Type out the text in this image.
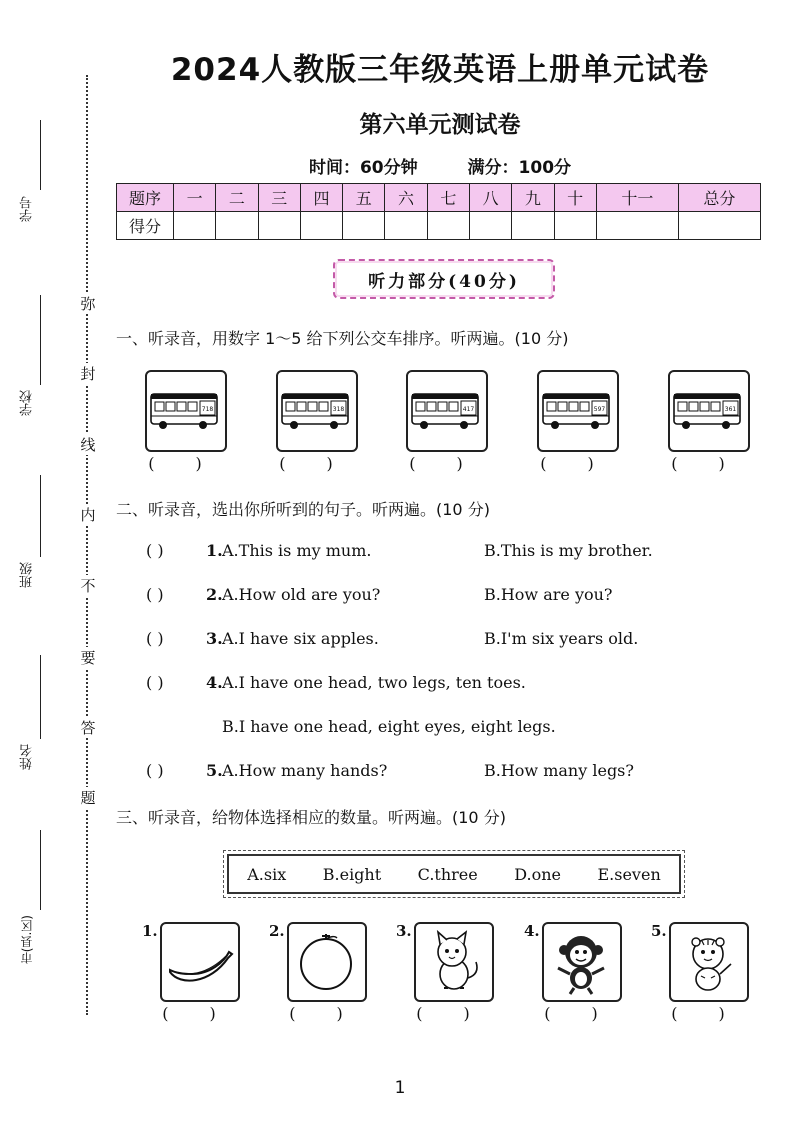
学号
学校
班级
姓名
市(县.区)
弥
封
线
内
不
要
答
题
2024人教版三年级英语上册单元试卷
第六单元测试卷
时间：60分钟	满分：100分
题序	一	二	三	四	五	六	七	八	九	十	十一	总分
得分												
听力部分(40分)
一、听录音，用数字 1～5 给下列公交车排序。听两遍。(10 分)
718
( )
318
( )
417
( )
597
( )
361
( )
二、听录音，选出你所听到的句子。听两遍。(10 分)
( )	1. A.This is my mum.	B.This is my brother.
( )	2. A.How old are you?	B.How are you?
( )	3. A.I have six apples.	B.I'm six years old.
( )	4. A.I have one head, two legs, ten toes.
B.I have one head, eight eyes, eight legs.
( )	5. A.How many hands?	B.How many legs?
三、听录音，给物体选择相应的数量。听两遍。(10 分)
A.six B.eight C.three D.one E.seven
1.
( )
2.
( )
3.
( )
4.
( )
5.
( )
1
